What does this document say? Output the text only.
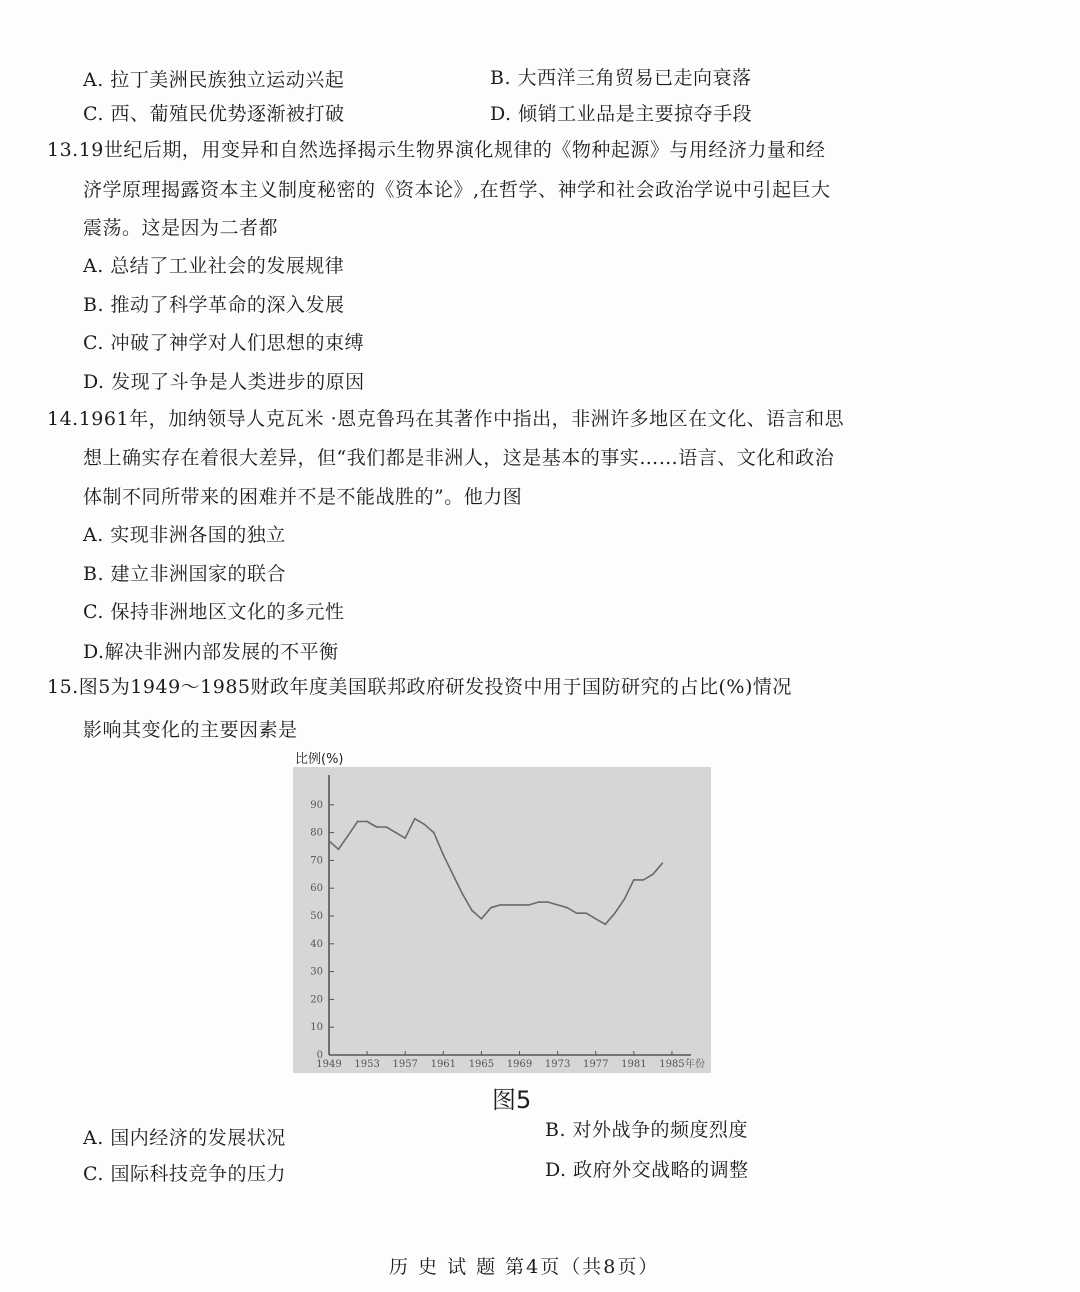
A. 拉丁美洲民族独立运动兴起	B. 大西洋三角贸易已走向衰落
C. 西、葡殖民优势逐渐被打破	D. 倾销工业品是主要掠夺手段
13.19世纪后期，用变异和自然选择揭示生物界演化规律的《物种起源》与用经济力量和经
济学原理揭露资本主义制度秘密的《资本论》,在哲学、神学和社会政治学说中引起巨大
震荡。这是因为二者都
A. 总结了工业社会的发展规律
B. 推动了科学革命的深入发展
C. 冲破了神学对人们思想的束缚
D. 发现了斗争是人类进步的原因
14.1961年，加纳领导人克瓦米 ·恩克鲁玛在其著作中指出，非洲许多地区在文化、语言和思
想上确实存在着很大差异，但“我们都是非洲人，这是基本的事实……语言、文化和政治
体制不同所带来的困难并不是不能战胜的”。他力图
A. 实现非洲各国的独立
B. 建立非洲国家的联合
C. 保持非洲地区文化的多元性
D.解决非洲内部发展的不平衡
15.图5为1949～1985财政年度美国联邦政府研发投资中用于国防研究的占比(%)情况
影响其变化的主要因素是
比例(%)
0
10
20
30
40
50
60
70
80
90
1949 1953 1957 1961 1965 1969 1973 1977 1981 1985 年份
图5
A. 国内经济的发展状况	B. 对外战争的频度烈度
C. 国际科技竞争的压力	D. 政府外交战略的调整
历 史 试 题 第4页（共8页）
